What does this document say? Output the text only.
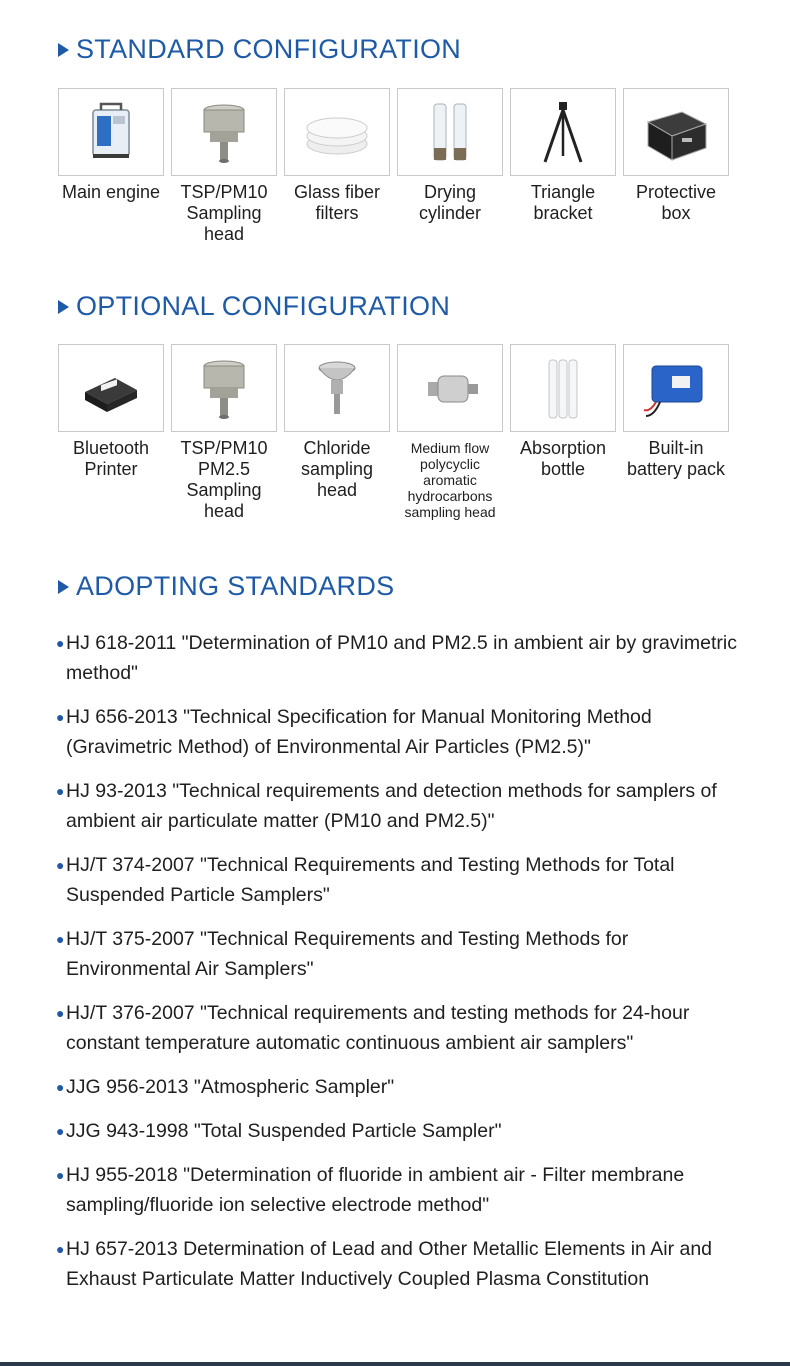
STANDARD CONFIGURATION
Main engine	TSP/PM10
Sampling
head
Glass fiber
filters
Drying
cylinder
Triangle
bracket
Protective
box
OPTIONAL CONFIGURATION
Bluetooth
Printer
TSP/PM10
PM2.5
Sampling
head
Chloride
sampling
head
Medium flow
polycyclic
aromatic
hydrocarbons
sampling head
Absorption
bottle
Built-in
battery pack
ADOPTING STANDARDS
● HJ 618-2011 "Determination of PM10 and PM2.5 in ambient air by gravimetric method"
● HJ 656-2013 "Technical Specification for Manual Monitoring Method (Gravimetric Method) of Environmental Air Particles (PM2.5)"
● HJ 93-2013 "Technical requirements and detection methods for samplers of ambient air particulate matter (PM10 and PM2.5)"
● HJ/T 374-2007 "Technical Requirements and Testing Methods for Total Suspended Particle Samplers"
● HJ/T 375-2007 "Technical Requirements and Testing Methods for Environmental Air Samplers"
● HJ/T 376-2007 "Technical requirements and testing methods for 24-hour constant temperature automatic continuous ambient air samplers"
● JJG 956-2013 "Atmospheric Sampler"
● JJG 943-1998 "Total Suspended Particle Sampler"
● HJ 955-2018 "Determination of fluoride in ambient air - Filter membrane sampling/fluoride ion selective electrode method"
● HJ 657-2013 Determination of Lead and Other Metallic Elements in Air and Exhaust Particulate Matter Inductively Coupled Plasma Constitution
